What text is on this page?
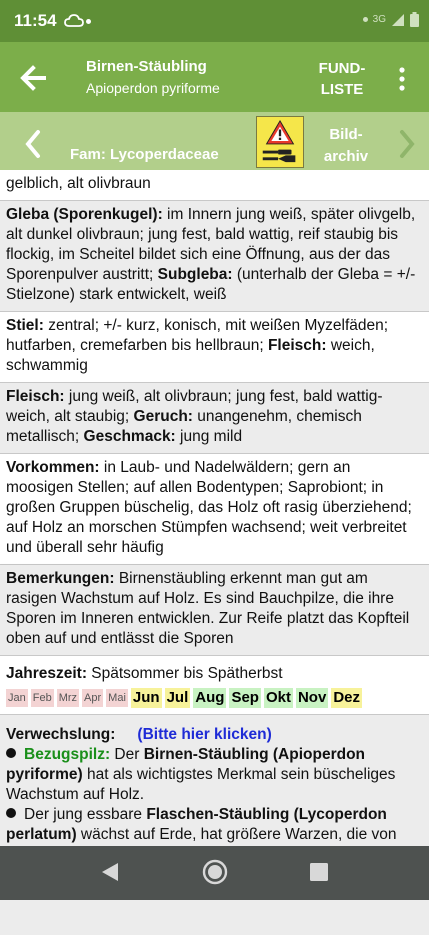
11:54	3G
Birnen-Stäubling
Apioperdon pyriforme
FUND-
LISTE
Fam: Lycoperdaceae
Bild-
archiv
gelblich, alt olivbraun
Gleba (Sporenkugel): im Innern jung weiß, später olivgelb, alt dunkel olivbraun; jung fest, bald wattig, reif staubig bis flockig, im Scheitel bildet sich eine Öffnung, aus der das Sporenpulver austritt; Subgleba: (unterhalb der Gleba = +/- Stielzone) stark entwickelt, weiß
Stiel: zentral; +/- kurz, konisch, mit weißen Myzelfäden; hutfarben, cremefarben bis hellbraun; Fleisch: weich, schwammig
Fleisch: jung weiß, alt olivbraun; jung fest, bald wattig-weich, alt staubig; Geruch: unangenehm, chemisch metallisch; Geschmack: jung mild
Vorkommen: in Laub- und Nadelwäldern; gern an moosigen Stellen; auf allen Bodentypen; Saprobiont; in großen Gruppen büschelig, das Holz oft rasig überziehend; auf Holz an morschen Stümpfen wachsend; weit verbreitet und überall sehr häufig
Bemerkungen: Birnenstäubling erkennt man gut am rasigen Wachstum auf Holz. Es sind Bauchpilze, die ihre Sporen im Inneren entwicklen. Zur Reife platzt das Kopfteil oben auf und entlässt die Sporen
Jahreszeit: Spätsommer bis Spätherbst
Jan Feb Mrz Apr Mai Jun Jul Aug Sep Okt Nov Dez
Verwechslung: (Bitte hier klicken)
Bezugspilz: Der Birnen-Stäubling (Apioperdon pyriforme) hat als wichtigstes Merkmal sein büscheliges Wachstum auf Holz.
Der jung essbare Flaschen-Stäubling (Lycoperdon perlatum) wächst auf Erde, hat größere Warzen, die von
